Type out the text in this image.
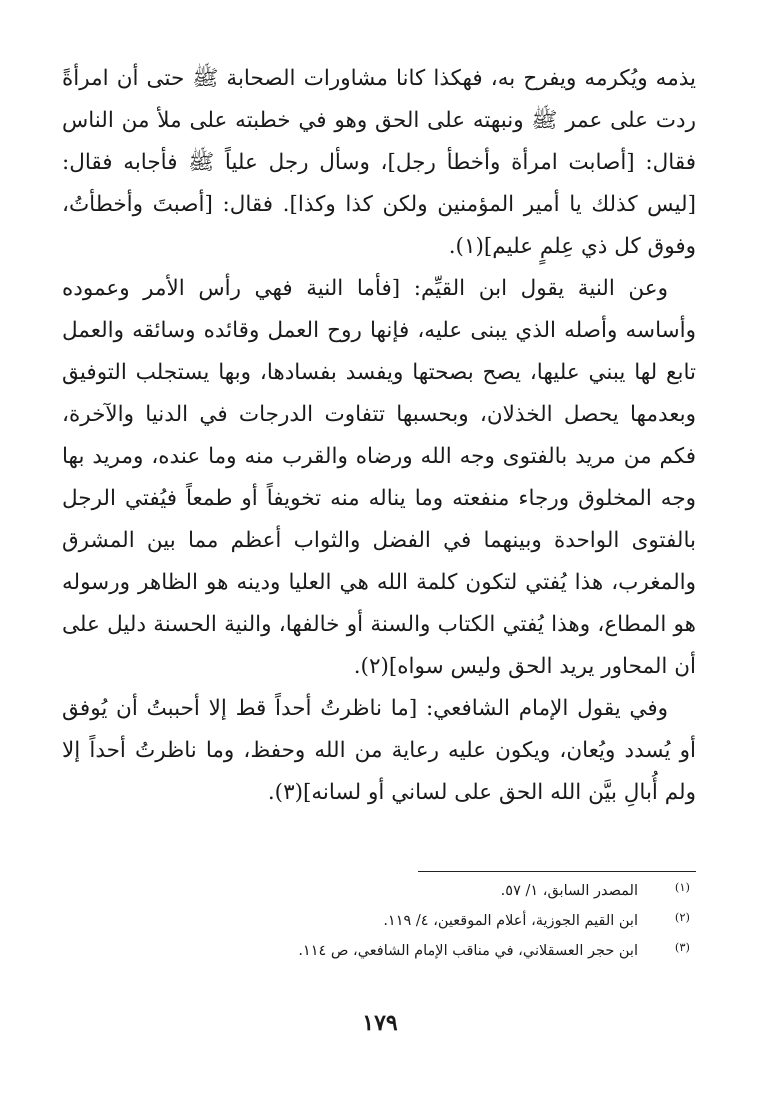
يذمه ويُكرمه ويفرح به، فهكذا كانا مشاورات الصحابة ﷺ حتى أن امرأةً ردت على عمر ﷺ ونبهته على الحق وهو في خطبته على ملأ من الناس فقال: [أصابت امرأة وأخطأ رجل]، وسأل رجل علياً ﷺ فأجابه فقال: [ليس كذلك يا أمير المؤمنين ولكن كذا وكذا]. فقال: [أصبتَ وأخطأتُ، وفوق كل ذي عِلمٍ عليم](١).

وعن النية يقول ابن القيِّم: [فأما النية فهي رأس الأمر وعموده وأساسه وأصله الذي يبنى عليه، فإنها روح العمل وقائده وسائقه والعمل تابع لها يبني عليها، يصح بصحتها ويفسد بفسادها، وبها يستجلب التوفيق وبعدمها يحصل الخذلان، وبحسبها تتفاوت الدرجات في الدنيا والآخرة، فكم من مريد بالفتوى وجه الله ورضاه والقرب منه وما عنده، ومريد بها وجه المخلوق ورجاء منفعته وما يناله منه تخويفاً أو طمعاً فيُفتي الرجل بالفتوى الواحدة وبينهما في الفضل والثواب أعظم مما بين المشرق والمغرب، هذا يُفتي لتكون كلمة الله هي العليا ودينه هو الظاهر ورسوله هو المطاع، وهذا يُفتي الكتاب والسنة أو خالفها، والنية الحسنة دليل على أن المحاور يريد الحق وليس سواه](٢).

وفي يقول الإمام الشافعي: [ما ناظرتُ أحداً قط إلا أحببتُ أن يُوفق أو يُسدد ويُعان، ويكون عليه رعاية من الله وحفظ، وما ناظرتُ أحداً إلا ولم أُبالِ بيَّن الله الحق على لساني أو لسانه](٣).

(١)
المصدر السابق، ١/ ٥٧.
(٢)
ابن القيم الجوزية، أعلام الموقعين، ٤/ ١١٩.
(٣)
ابن حجر العسقلاني، في مناقب الإمام الشافعي، ص ١١٤.
١٧٩
